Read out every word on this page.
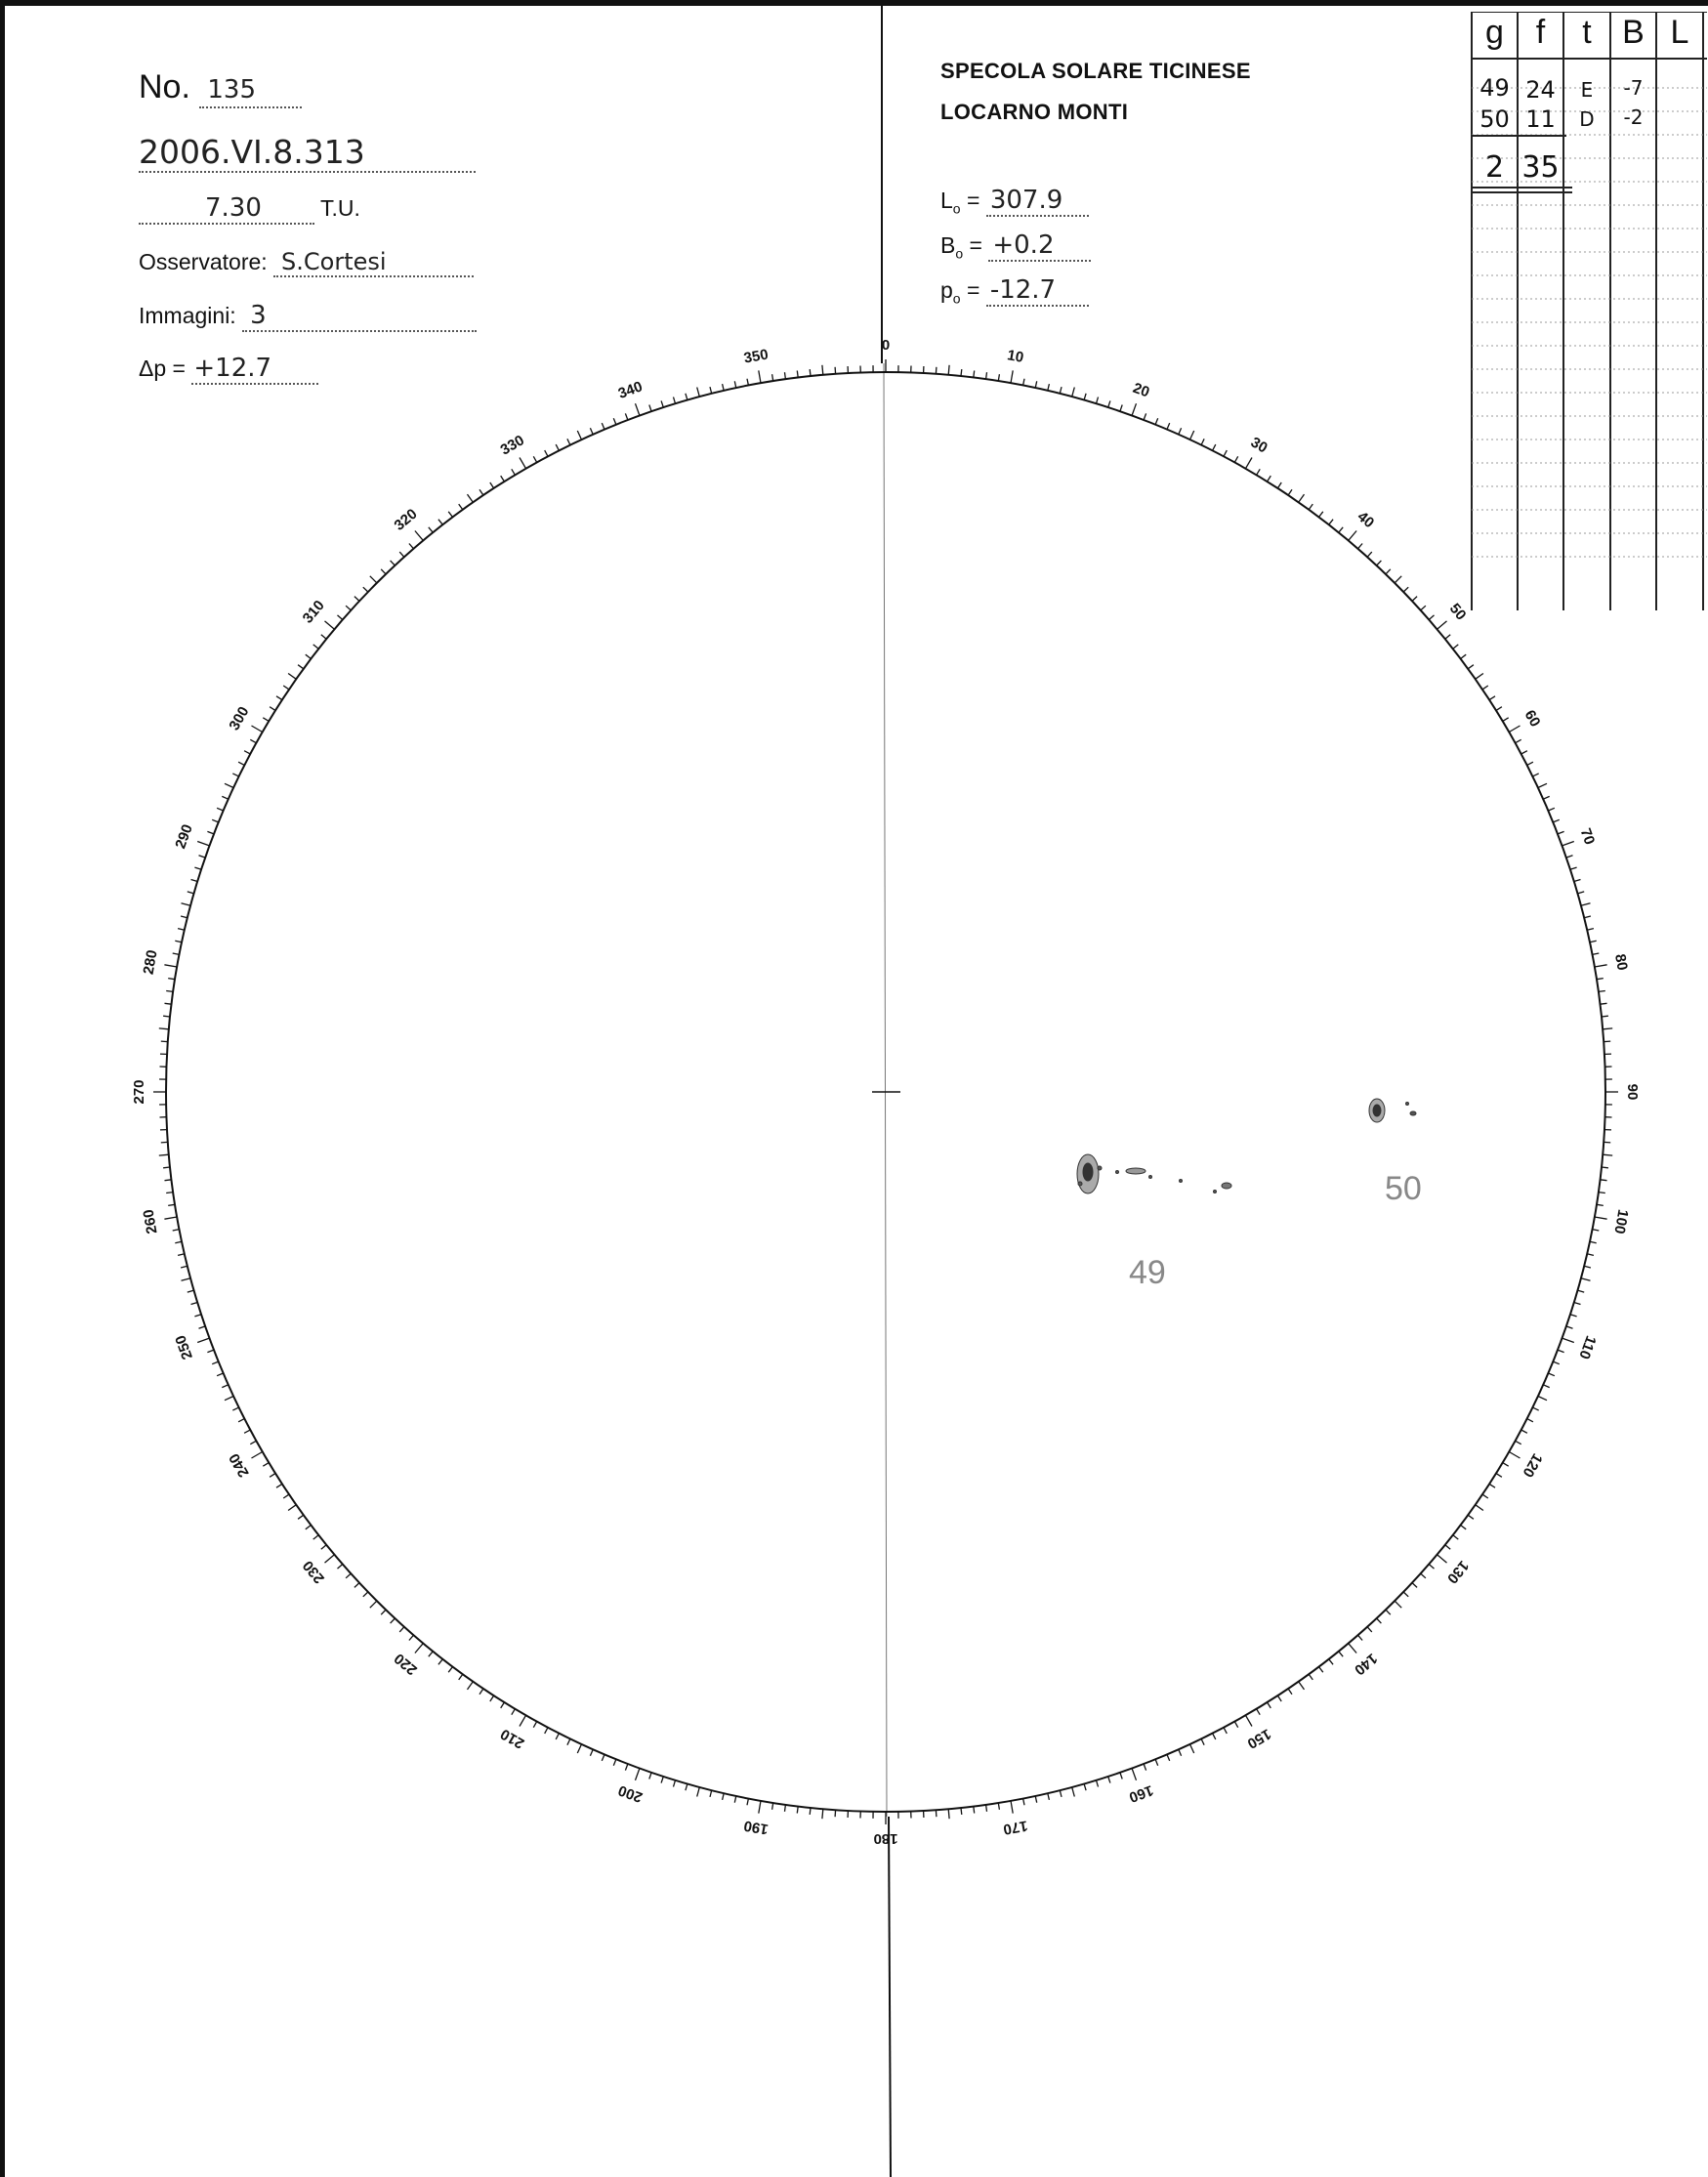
No. 135
2006.VI.8.313
7.30	T.U.
Osservatore: S.Cortesi
Immagini: 3
Δp = +12.7
SPECOLA SOLARE TICINESE
LOCARNO MONTI
$L_o = 307.9$
$B_o = +0.2$
$p_o = -12.7$
g f	t B L
49 24	E	-7
50 11	D	-2
2 35
0
10
20
30
40
50
60
70
80
90
100
110
120
130
140
150
160
170
180
190
200
210
220
230
240
250
260
270
280
290
300
310
320
330
340
350
49
50
